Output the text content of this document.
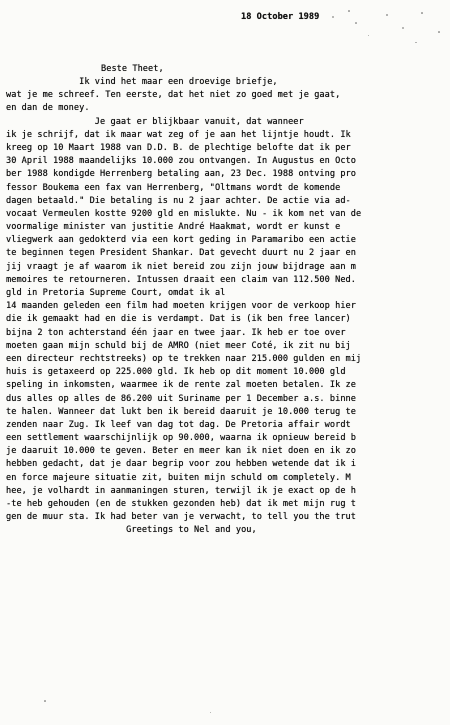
18 October 1989
Beste Theet,
Ik vind het maar een droevige briefje,
wat je me schreef. Ten eerste, dat het niet zo goed met je gaat,
en dan de money.
Je gaat er blijkbaar vanuit, dat wanneer
ik je schrijf, dat ik maar wat zeg of je aan het lijntje houdt. Ik
kreeg op 10 Maart 1988 van D.D. B. de plechtige belofte dat ik per
30 April 1988 maandelijks 10.000 zou ontvangen. In Augustus en Octo
ber 1988 kondigde Herrenberg betaling aan, 23 Dec. 1988 ontving pro
fessor Boukema een fax van Herrenberg, "Oltmans wordt de komende
dagen betaald." Die betaling is nu 2 jaar achter. De actie via ad-
vocaat Vermeulen kostte 9200 gld en mislukte. Nu - ik kom net van de
voormalige minister van justitie André Haakmat, wordt er kunst e
vliegwerk aan gedokterd via een kort geding in Paramaribo een actie
te beginnen tegen President Shankar. Dat gevecht duurt nu 2 jaar en
jij vraagt je af waarom ik niet bereid zou zijn jouw bijdrage aan m
memoires te retourneren. Intussen draait een claim van 112.500 Ned.
gld in Pretoria Supreme Court, omdat ik al
14 maanden geleden een film had moeten krijgen voor de verkoop hier
die ik gemaakt had en die is verdampt. Dat is (ik ben free lancer)
bijna 2 ton achterstand één jaar en twee jaar. Ik heb er toe over
moeten gaan mijn schuld bij de AMRO (niet meer Coté, ik zit nu bij
een directeur rechtstreeks) op te trekken naar 215.000 gulden en mij
huis is getaxeerd op 225.000 gld. Ik heb op dit moment 10.000 gld
speling in inkomsten, waarmee ik de rente zal moeten betalen. Ik ze
dus alles op alles de 86.200 uit Suriname per 1 December a.s. binne
te halen. Wanneer dat lukt ben ik bereid daaruit je 10.000 terug te
zenden naar Zug. Ik leef van dag tot dag. De Pretoria affair wordt
een settlement waarschijnlijk op 90.000, waarna ik opnieuw bereid b
je daaruit 10.000 te geven. Beter en meer kan ik niet doen en ik zo
hebben gedacht, dat je daar begrip voor zou hebben wetende dat ik i
en force majeure situatie zit, buiten mijn schuld om completely. M
hee, je volhardt in aanmaningen sturen, terwijl ik je exact op de h
-te heb gehouden (en de stukken gezonden heb) dat ik met mijn rug t
gen de muur sta. Ik had beter van je verwacht, to tell you the trut
Greetings to Nel and you,
